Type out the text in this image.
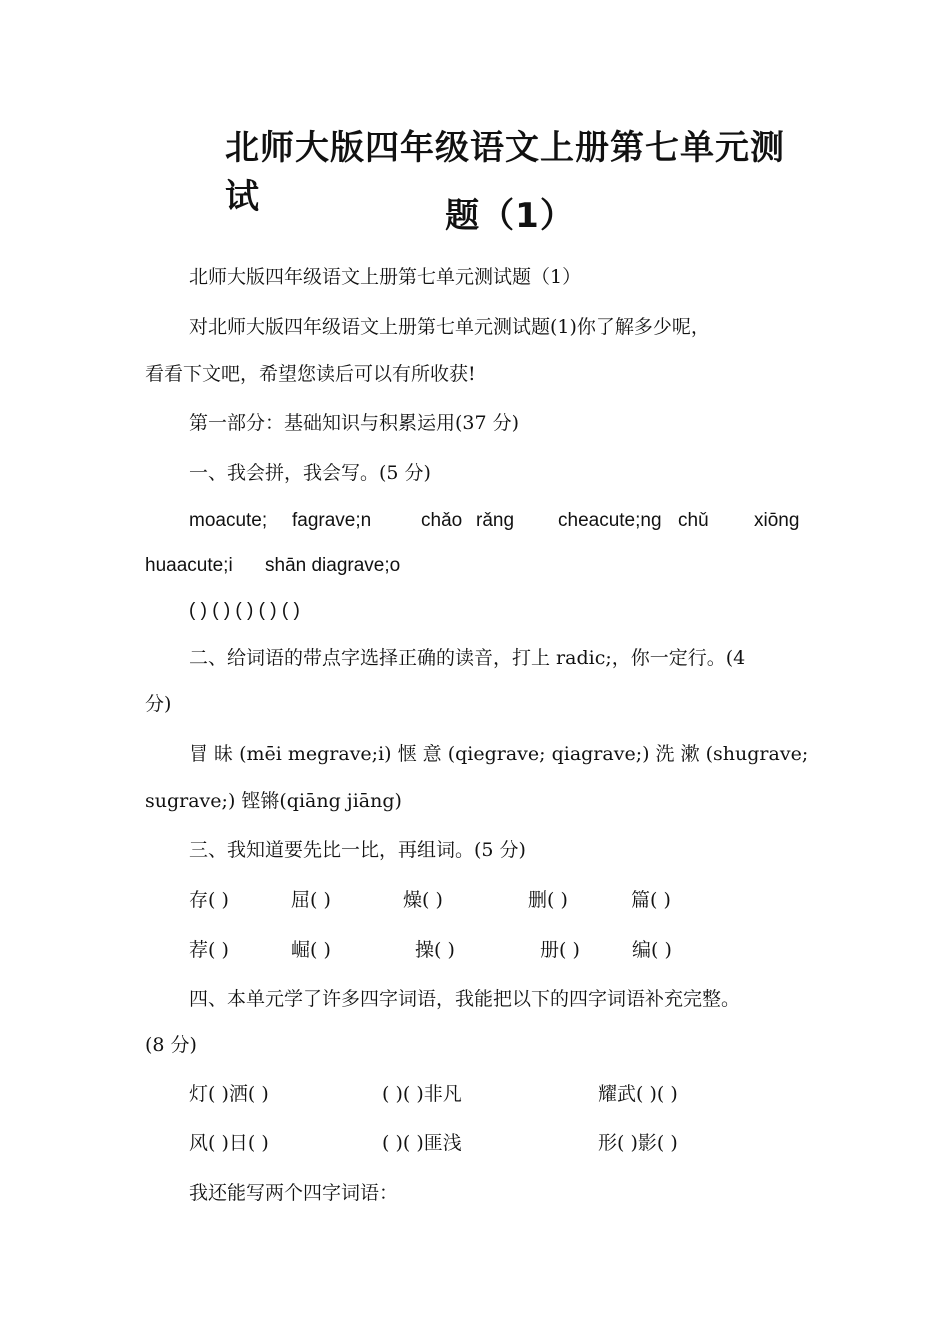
北师大版四年级语文上册第七单元测试	题（1）

北师大版四年级语文上册第七单元测试题（1）

对北师大版四年级语文上册第七单元测试题(1)你了解多少呢，

看看下文吧，希望您读后可以有所收获!

第一部分：基础知识与积累运用(37 分)

一、我会拼，我会写。(5 分)

moacute; fagrave;n	chǎo rǎng cheacute;ng chǔ xiōng
huaacute;i shān diagrave;o

( ) ( ) ( ) ( ) ( )

二、给词语的带点字选择正确的读音，打上 radic;，你一定行。(4

分)

冒 昧 (mēi megrave;i) 惬 意 (qiegrave; qiagrave;) 洗 漱 (shugrave;

sugrave;) 铿锵(qiāng jiāng)

三、我知道要先比一比，再组词。(5 分)

存( )	屈( )	燥( )	删( )	篇( )
荐( )	崛( )	操( )	册( )	编( )

四、本单元学了许多四字词语，我能把以下的四字词语补充完整。

(8 分)

灯( )洒( )	( )( )非凡	耀武( )( )
风( )日( )	( )( )匪浅	形( )影( )

我还能写两个四字词语：
